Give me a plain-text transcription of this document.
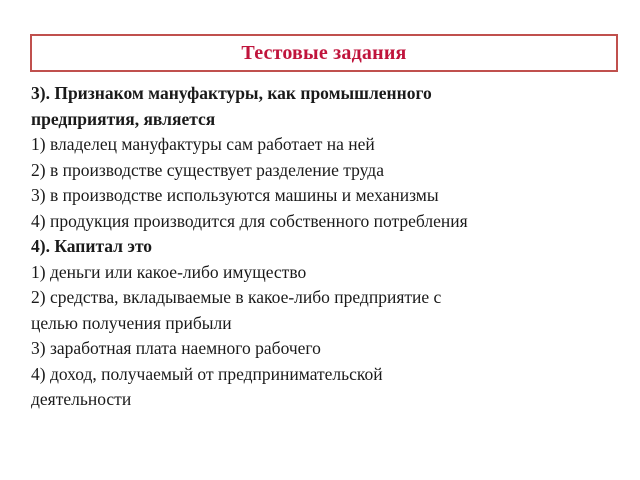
Тестовые задания
3). Признаком мануфактуры, как промышленного
предприятия, является
1) владелец мануфактуры сам работает на ней
2) в производстве существует разделение труда
3) в производстве используются машины и механизмы
4) продукция производится для собственного потребления
4). Капитал это
1) деньги или какое-либо имущество
2) средства, вкладываемые в какое-либо предприятие с
целью получения прибыли
3) заработная плата наемного рабочего
4) доход, получаемый от предпринимательской
деятельности
